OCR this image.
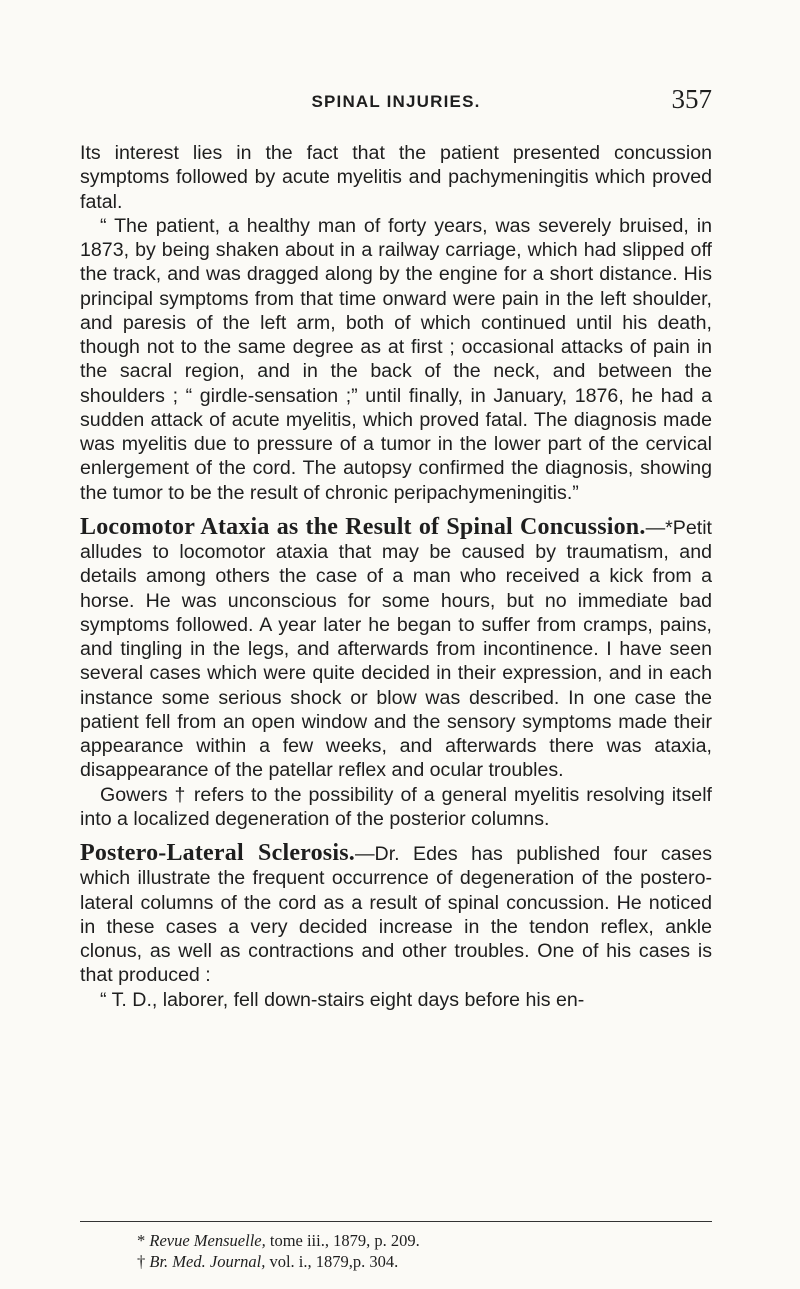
SPINAL INJURIES.	357

Its interest lies in the fact that the patient presented concussion symptoms followed by acute myelitis and pachymeningitis which proved fatal.

“ The patient, a healthy man of forty years, was severely bruised, in 1873, by being shaken about in a railway carriage, which had slipped off the track, and was dragged along by the engine for a short distance. His principal symptoms from that time onward were pain in the left shoulder, and paresis of the left arm, both of which continued until his death, though not to the same degree as at first ; occasional attacks of pain in the sacral region, and in the back of the neck, and between the shoulders ; “ girdle-sensation ;” until finally, in January, 1876, he had a sudden attack of acute myelitis, which proved fatal. The diagnosis made was myelitis due to pressure of a tumor in the lower part of the cervical enlergement of the cord. The autopsy confirmed the diagnosis, showing the tumor to be the result of chronic peripachymeningitis.”

Locomotor Ataxia as the Result of Spinal Concussion.—*Petit alludes to locomotor ataxia that may be caused by traumatism, and details among others the case of a man who received a kick from a horse. He was unconscious for some hours, but no immediate bad symptoms followed. A year later he began to suffer from cramps, pains, and tingling in the legs, and afterwards from incontinence. I have seen several cases which were quite decided in their expression, and in each instance some serious shock or blow was described. In one case the patient fell from an open window and the sensory symptoms made their appearance within a few weeks, and afterwards there was ataxia, disappearance of the patellar reflex and ocular troubles.

Gowers † refers to the possibility of a general myelitis resolving itself into a localized degeneration of the posterior columns.

Postero-Lateral Sclerosis.—Dr. Edes has published four cases which illustrate the frequent occurrence of degeneration of the postero-lateral columns of the cord as a result of spinal concussion. He noticed in these cases a very decided increase in the tendon reflex, ankle clonus, as well as contractions and other troubles. One of his cases is that produced :

“ T. D., laborer, fell down-stairs eight days before his en-

* Revue Mensuelle, tome iii., 1879, p. 209.

† Br. Med. Journal, vol. i., 1879,p. 304.
